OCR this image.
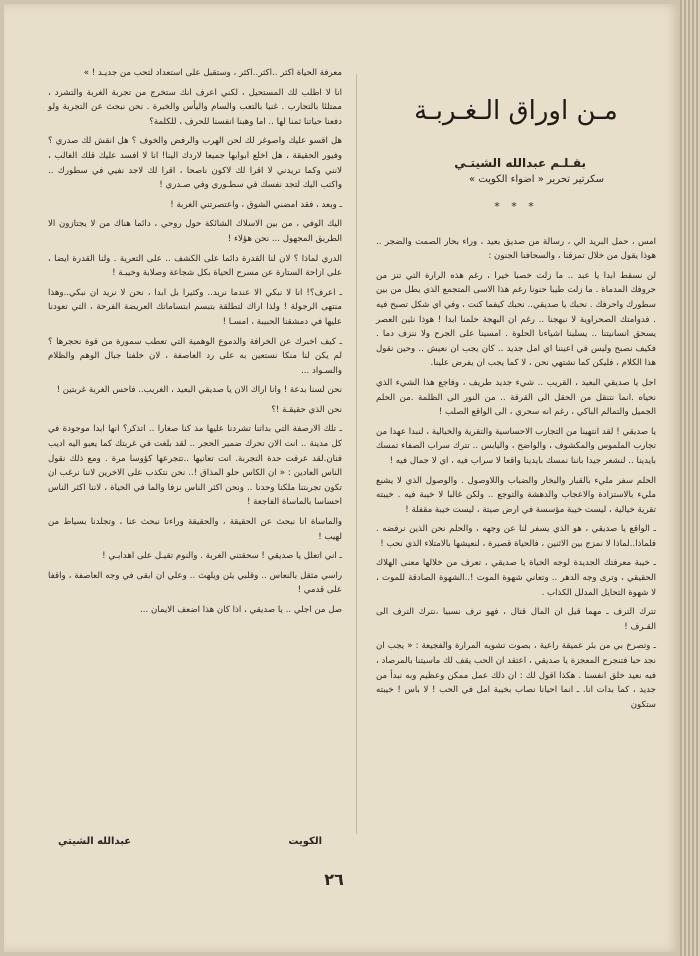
مـن اوراق الـغـربـة
بقـلـم عبدالله الشيتـي
سكرتير تحرير « اضواء الكويت »
* * *

امس ، حمل البريد الي ، رسالة من صديق بعيد ، وراء بحار الصمت والضجر .. هوذا يقول من خلال تمزقنا ، والسحافنا الجنون :

لن نسقط ابدا يا عبد .. ما زلت خصبا خيرا ، رغم هذه الرارة التي تنز من حروفك المدماة . ما زلت طيبا حنونا رغم هذا الاسى المتجمع الذي يطل من بين سطورك واحرفك . نحبك يا صديقي.. نحبك كيفما كنت ، وفي اي شكل تصبح فيه . فدوامتك الصحراوية لا نبهجنا .. رغم ان البهجة حلمنا ابدا ! هوذا نئين العصر يسحق انسانيتنا .. يسلبنا اشياءنا الحلوة . امسينا على الجرح ولا ننزف دما . فكيف نصبح وليس في اعيننا اي امل جديد .. كان يجب ان نعيش .. وحين نقول هذا الكلام ، فليكن كما نشتهي نحن ، لا كما يجب ان يفرض علينا.

اجل يا صديقي البعيد ، القريب .. شيء جديد طريف ، وفاجع هذا الشيء الذي نحياه .انما نتنقل من الحقل الى القرقة .. من النور الى الظلمة .من الحلم الجميل والتمالم الباكي ، رغم انه سحري ، الى الواقع الصلب !

يا صديقي ! لقد انتهينا من التجارب الاحساسية والتقرية والخيالية ، لنبدا عهدا من تجارب الملموس والمكشوف ، والواضح ، واليابس .. تترك سراب الصفاء تمسك بايدينا .. لنشعر جيدا باننا نمسك بايدينا واقعا لا سراب فيه ، اي لا جمال فيه !

الحلم سفر مليء بالقبار والبخار والضباب واللاوصول . والوصول الذي لا يشبع مليء بالاستزادة والاعجاب والدهشة والتوجع .. ولكن غالبا لا خيبة فيه . خيبته تقرية خيالية ، ليست خيبة مؤسسة في ارض صيتة ، ليست خيبة مقفلة !

ـ الواقع يا صديقي ، هو الذي يسفر لنا عن وجهه ، والحلم نحن الذين نرفضه . فلماذا..لماذا لا نمزج بين الاثنين ، فالحياة قصيرة ، لنعيشها بالامتلاء الذي نحب !

ـ خيبة معرفتك الجديدة لوجه الحياة يا صديقي ، تعرف من خلالها معنى الهلاك الحقيقي ، وترى وجه الدهر .. وتعاني شهوة الموت !..الشهوة الصادقة للموت ، لا شهوة التحايل المدلل الكذاب .

تترك الترف ـ مهما قيل ان المال قتال ، فهو ترف نسبيا ،نترك الترف الى القـرف !

ـ وتصرخ بي من بئر عميقة راعية ، بصوت تشويه المرارة والفجيعة : « يجب ان نجد حبا فتنجرح المعجزة يا صديقي ، اعتقد ان الحب يقف لك ماسيتنا بالمرصاد ، فيه نعيد خلق انفسنا . هكذا اقول لك : ان ذلك عمل ممكن وعظيم وبه نبدأ من جديد ، كما بدات انا. ـ انما احيانا نصاب بخيبة امل في الحب ! لا باس ! خيبته ستكون

معرفة الحياة اكثر ..اكثر..اكثر ، وستقبل على استعداد لتحب من جديـد ! »

انا لا اطلب لك المستحيل ، لكني اعرف انك ستخرج من تجربة الغربة والتشرد ، ممتلئا بالتجارب . غنيا بالتعب والسام واليأس والخبرة . نحن نبحث عن التجربة ولو دفعنا حياتنا ثمنا لها .. اما وهبنا انفسنا للحرف ، للكلمة؟

هل اقسو عليك واصوغر لك لحن الهرب والرفض والخوف ؟ هل انقش لك صدري ؟ وفيور الحقيقة ، هل اخلع ابوابها جميعا لاردك الينا! انا لا افسد عليك قلك الغالب ، لانني وكما تريدني لا اقرا لك لاكون ناصحا ، اقرا لك لاجد نفيي في سطورك .. واكتب اليك لتجد نفسك في سطـوري وفي صـدري !

ـ وبعد ، فقد امضني الشوق ، واعتصرتني الغربة !

اليك الوفي ، من بين الاسلاك الشائكة حول روحي ، دائما هناك من لا يجتازون الا الطريق المجهول ... نحن هؤلاء !

الدري لماذا ؟ لان لنا القدرة دائما على الكشف .. على التعرية . ولنا القدرة ايضا ، على ازاحة الستارة عن مسرح الحياة بكل شجاعة وصلابة وخيبـة !

ـ اعرف؟! انا لا نبكي الا عندما نريد.. وكثيرا بل ابدا ، نحن لا نريد ان نبكي..وهذا منتهى الرجولة ! ولذا اراك لتطلقة بتبسم ابتساماتك العريضة الفرحة ، التي تعودنا عليها في دمشقنا الحبيبة ، امسـا !

ـ كيف اخبرك عن الخرافة والدموع الوهمية التي تعطب سمورة من قوة نحجرها ؟ لم يكن لنا منكا نستعين به على رد العاصفة ، لان خلفنا جبال الوهم والظلام والسـواد ...

نحن لسنا بدعة ! وانا اراك الان يا صديقي البعيد ، الغريب.. فاحس الغربة غربتين !

نحن الذي حقيقـة !؟

ـ تلك الارصفة التي بداتنا تشردنا عليها مذ كنا صغارا .. اتذكر؟ انها ابدا موجودة في كل مدينة .. انت الان تحرك ضمير الحجر .. لقد بلغت في غربتك كما يعبو اليه اديب فنان.لقد عرفت حدة التجربة. انت تعانيها ..تتجرعها كؤوسا مرة . ومع ذلك نقول الناس العادين : « ان الكاس حلو المذاق !.. نحن نتكذب على الاخرين لاننا نرغب ان تكون تجربتنا ملكنا وحدنا .. ونحن اكثر الناس نزفا والما في الحياة ، لاننا اكثر الناس احساسا بالماساة الفاجعة !

والماساة انا نبحث عن الحقيقة ، والحقيقة وراءنا نبحث عنا ، وتجلدنا بسياط من لهيب !

ـ اني اتعلل يا صديقي ! سحقتني الغربة . والنوم تقيـل على اهدابـي !

راسي مثقل بالنعاس .. وقلبي يئن ويلهث .. وعلي ان ابقى في وجه العاصفة ، واقفا على قدمي !

صل من اجلي .. يا صديقي ، اذا كان هذا اضعف الايمان ...

الكويت
عبدالله الشيتي
٢٦
